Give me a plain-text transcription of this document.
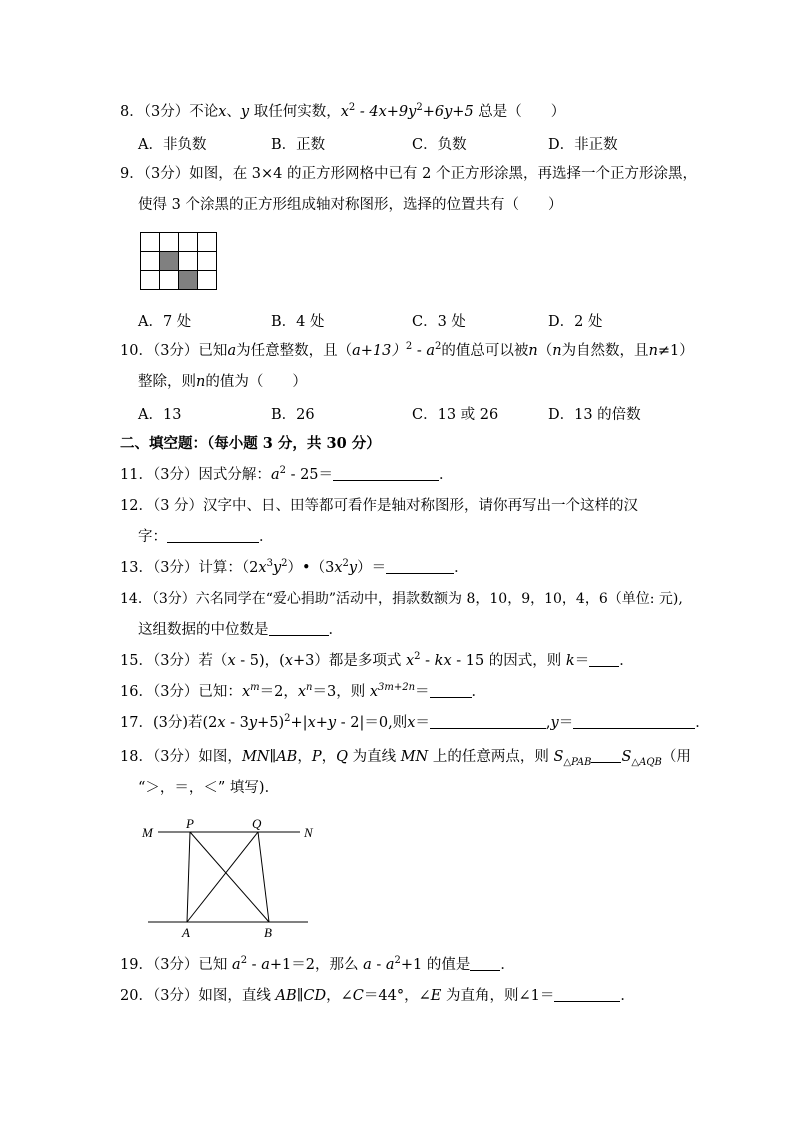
8．（3分）不论x、y 取任何实数，$x^2 - 4x+9y^2+6y+5$ 总是（　　）
A．非负数	B．正数	C．负数	D．非正数
9．（3分）如图，在 3×4 的正方形网格中已有 2 个正方形涂黑，再选择一个正方形涂黑，
使得 3 个涂黑的正方形组成轴对称图形，选择的位置共有（　　）
A．7 处	B．4 处	C．3 处	D．2 处
10．（3分）已知a为任意整数，且$(a+13)^2 - a^2$的值总可以被n（n为自然数，且n≠1）
整除，则n的值为（　　）
A．13	B．26	C．13 或 26	D．13 的倍数
二、填空题：（每小题 3 分，共 30 分）
11．（3分）因式分解：$a^2 - 25=$	．
12．（3 分）汉字中、日、田等都可看作是轴对称图形，请你再写出一个这样的汉
字：	．
13．（3分）计算：$(2x^3y^2)•(3x^2y)=$	．
14．（3分）六名同学在“爱心捐助”活动中，捐款数额为 8，10，9，10，4，6（单位: 元),
这组数据的中位数是	．
15．（3分）若（x - 5)，(x+3）都是多项式 $x^2$ - kx - 15 的因式，则 k＝ ．
16．（3分）已知：$x^m=2$，$x^n=3$，则 $x^{3m+2n}=$	．
17．(3分)若$(2x - 3y+5)^2+|x+y - 2|=0$,则x＝	,y＝	．
18．（3分）如图，MN∥AB，P，Q 为直线 MN 上的任意两点，则 $S_{\triangle PAB}$ $S_{\triangle AQB}$（用
“＞，＝，＜” 填写)．
M
P	Q
N
A	B
19．（3分）已知 $a^2 - a+1=2$，那么 $a - a^2+1$ 的值是 ．
20．（3分）如图，直线 AB∥CD，∠C＝44°，∠E 为直角，则∠1＝	．
